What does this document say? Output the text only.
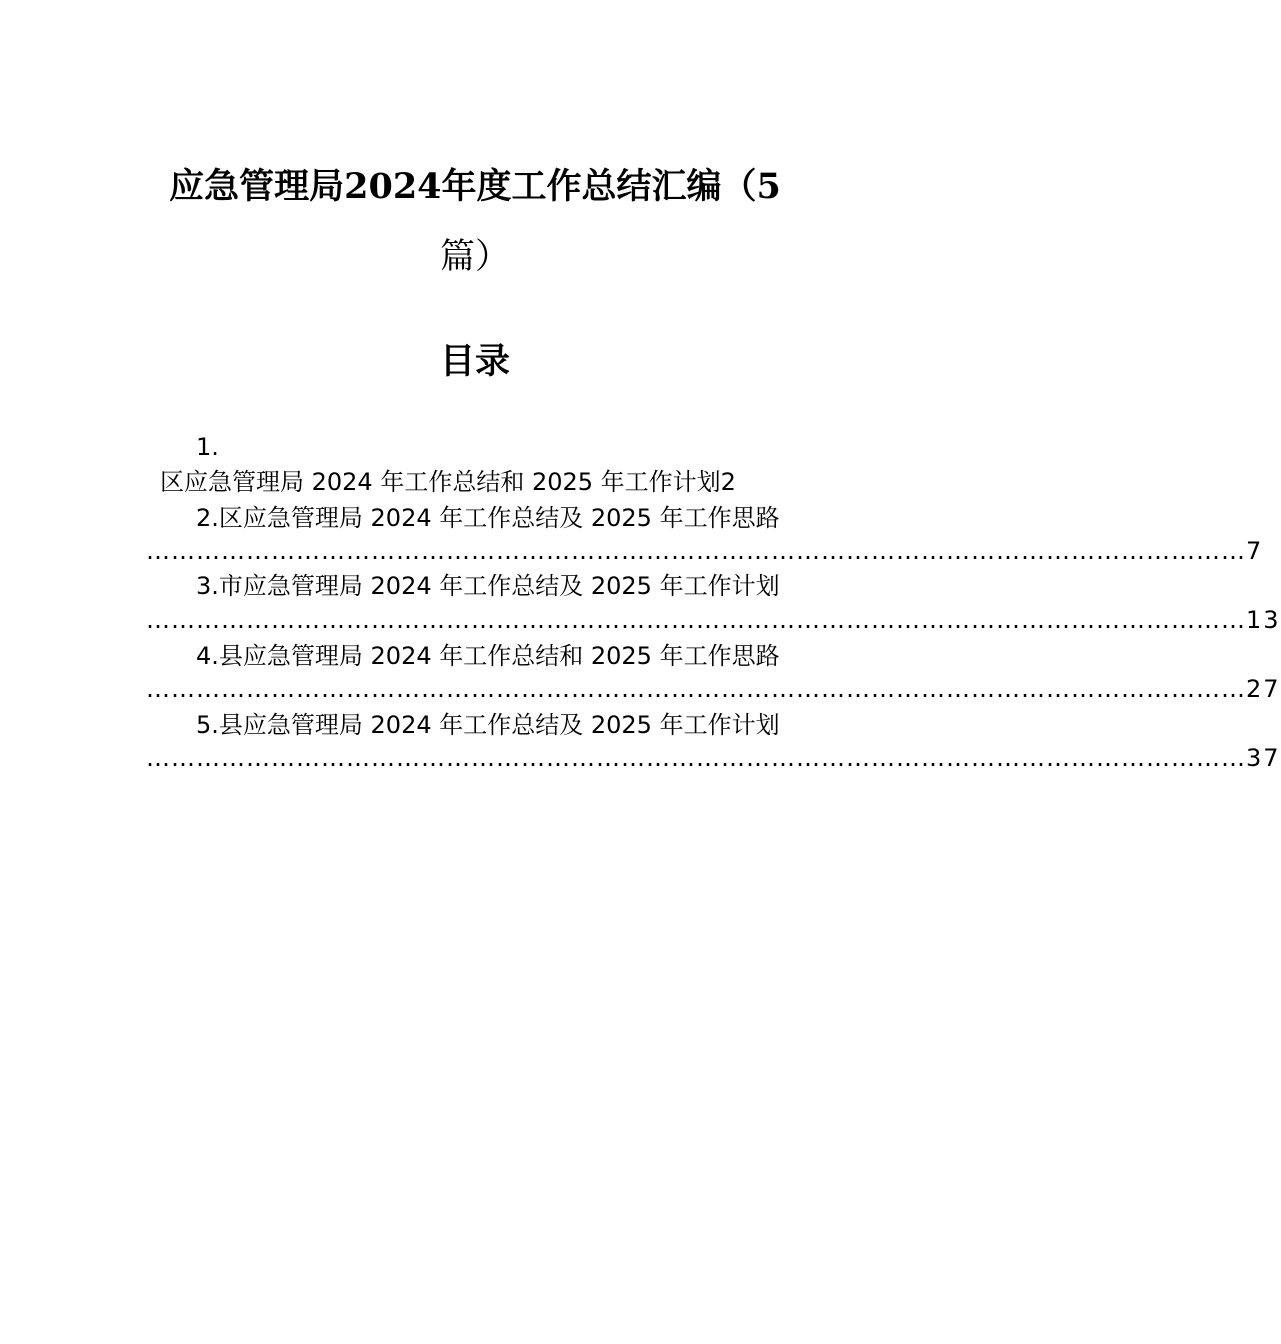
应急管理局2024年度工作总结汇编（5
篇）
目录
1.
区应急管理局 2024 年工作总结和 2025 年工作计划2
2.区应急管理局 2024 年工作总结及 2025 年工作思路
…………………………………………………………………………………………………………………… 7
3.市应急管理局 2024 年工作总结及 2025 年工作计划
…………………………………………………………………………………………………………………… 13
4.县应急管理局 2024 年工作总结和 2025 年工作思路
…………………………………………………………………………………………………………………… 27
5.县应急管理局 2024 年工作总结及 2025 年工作计划
…………………………………………………………………………………………………………………… 37
